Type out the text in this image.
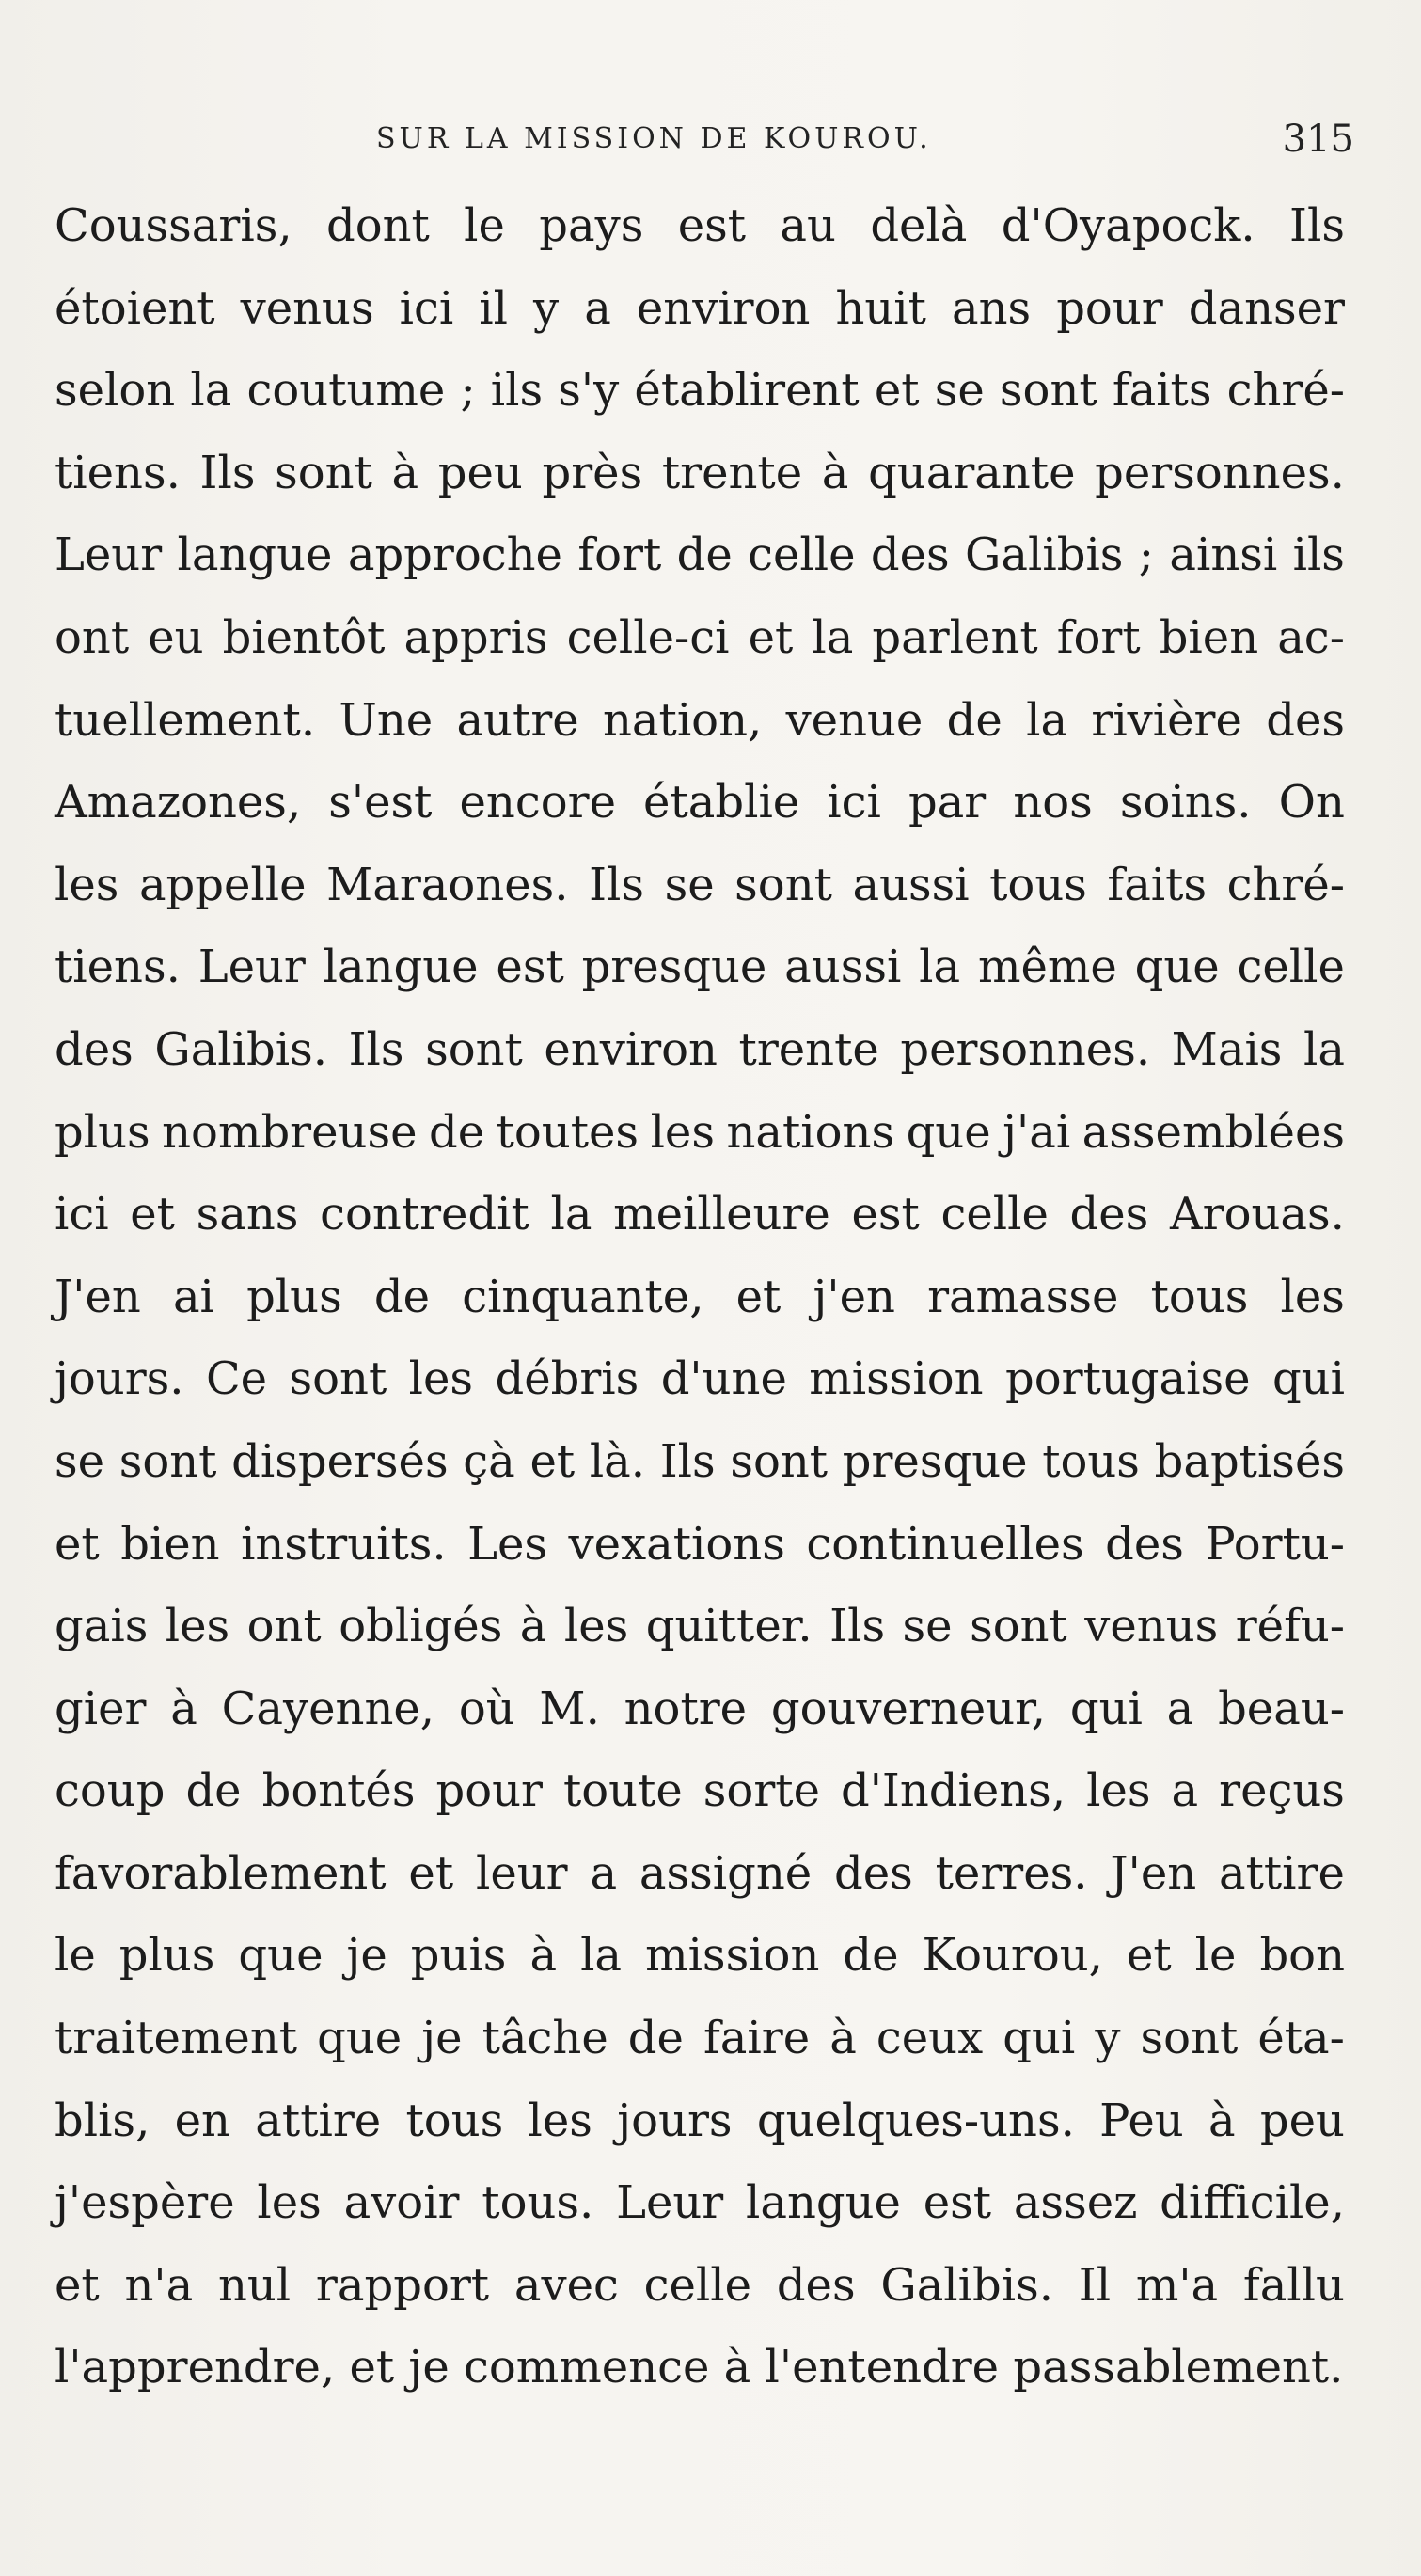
SUR LA MISSION DE KOUROU.	315
Coussaris, dont le pays est au delà d'Oyapock. Ils
étoient venus ici il y a environ huit ans pour danser
selon la coutume ; ils s'y établirent et se sont faits chré-
tiens. Ils sont à peu près trente à quarante personnes.
Leur langue approche fort de celle des Galibis ; ainsi ils
ont eu bientôt appris celle-ci et la parlent fort bien ac-
tuellement. Une autre nation, venue de la rivière des
Amazones, s'est encore établie ici par nos soins. On
les appelle Maraones. Ils se sont aussi tous faits chré-
tiens. Leur langue est presque aussi la même que celle
des Galibis. Ils sont environ trente personnes. Mais la
plus nombreuse de toutes les nations que j'ai assemblées
ici et sans contredit la meilleure est celle des Arouas.
J'en ai plus de cinquante, et j'en ramasse tous les
jours. Ce sont les débris d'une mission portugaise qui
se sont dispersés çà et là. Ils sont presque tous baptisés
et bien instruits. Les vexations continuelles des Portu-
gais les ont obligés à les quitter. Ils se sont venus réfu-
gier à Cayenne, où M. notre gouverneur, qui a beau-
coup de bontés pour toute sorte d'Indiens, les a reçus
favorablement et leur a assigné des terres. J'en attire
le plus que je puis à la mission de Kourou, et le bon
traitement que je tâche de faire à ceux qui y sont éta-
blis, en attire tous les jours quelques-uns. Peu à peu
j'espère les avoir tous. Leur langue est assez difficile,
et n'a nul rapport avec celle des Galibis. Il m'a fallu
l'apprendre, et je commence à l'entendre passablement.
